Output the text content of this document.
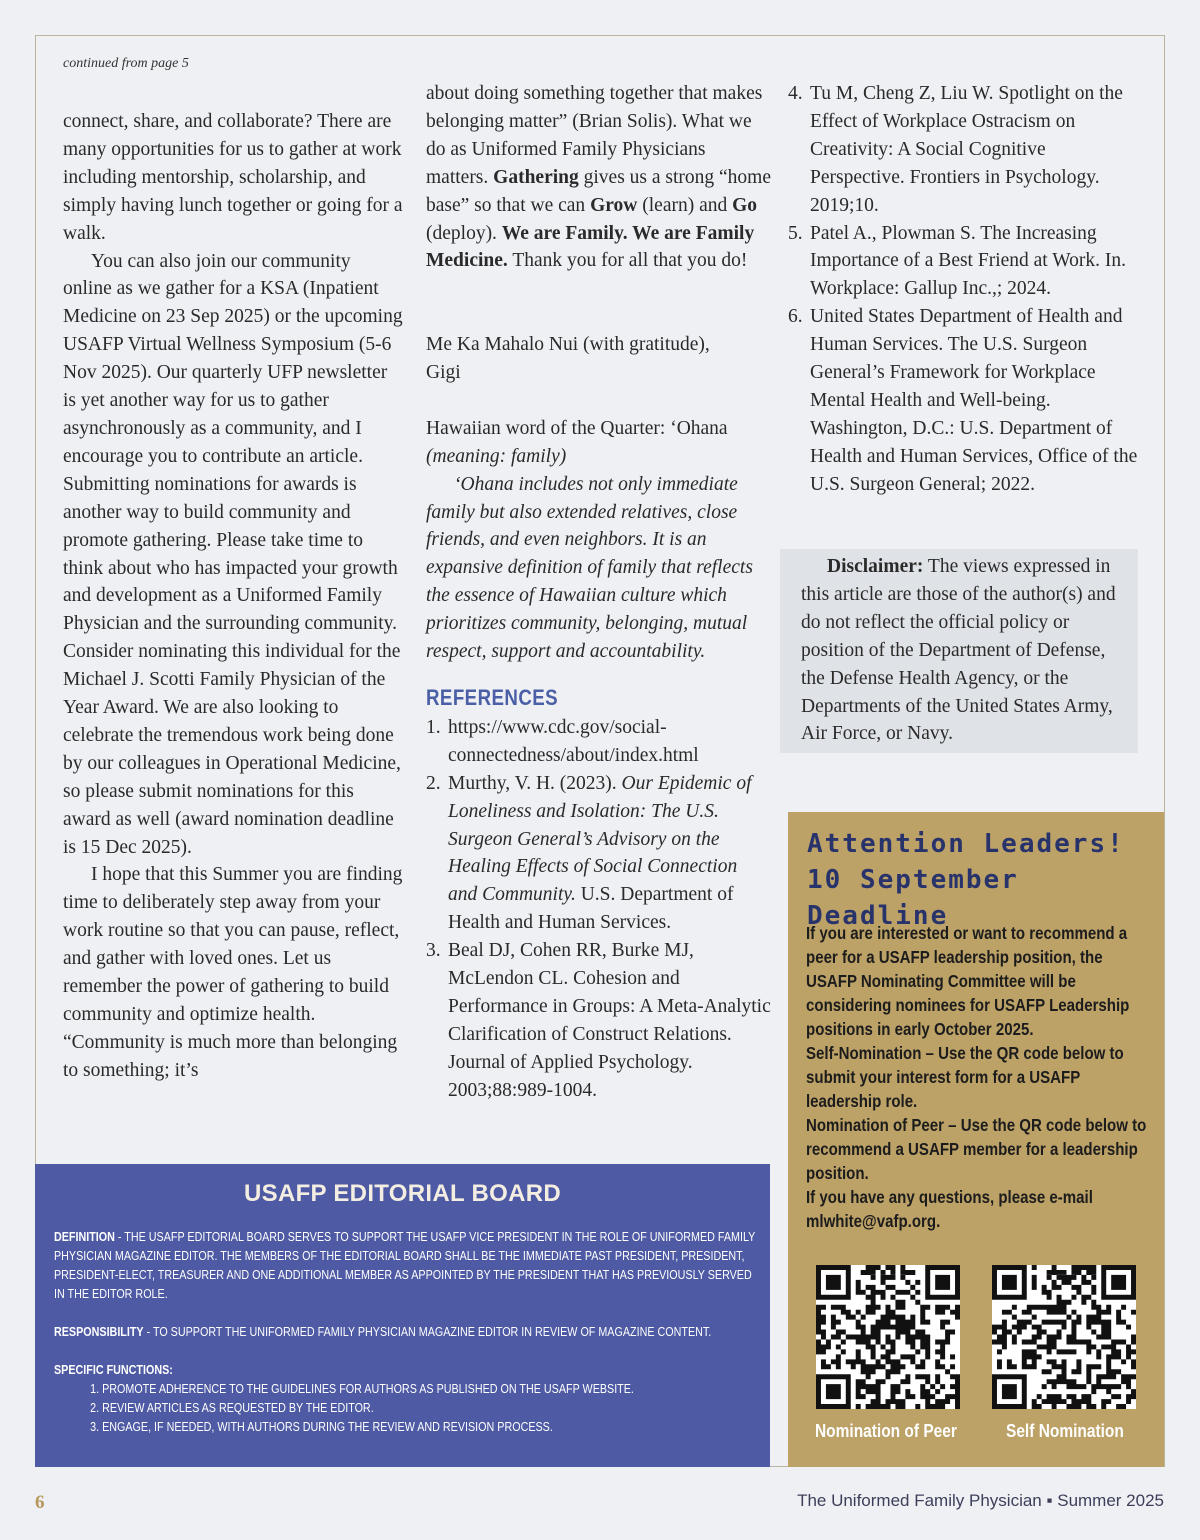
continued from page 5

connect, share, and collaborate? There are many opportunities for us to gather at work including mentorship, scholarship, and simply having lunch together or going for a walk.

You can also join our community online as we gather for a KSA (Inpatient Medicine on 23 Sep 2025) or the upcoming USAFP Virtual Wellness Symposium (5-6 Nov 2025). Our quarterly UFP newsletter is yet another way for us to gather asynchronously as a community, and I encourage you to contribute an article. Submitting nominations for awards is another way to build community and promote gathering. Please take time to think about who has impacted your growth and development as a Uniformed Family Physician and the surrounding community. Consider nominating this individual for the Michael J. Scotti Family Physician of the Year Award. We are also looking to celebrate the tremendous work being done by our colleagues in Operational Medicine, so please submit nominations for this award as well (award nomination deadline is 15 Dec 2025).

I hope that this Summer you are finding time to deliberately step away from your work routine so that you can pause, reflect, and gather with loved ones. Let us remember the power of gathering to build community and optimize health. “Community is much more than belonging to something; it’s

about doing something together that makes belonging matter” (Brian Solis). What we do as Uniformed Family Physicians matters. Gathering gives us a strong “home base” so that we can Grow (learn) and Go (deploy). We are Family. We are Family Medicine. Thank you for all that you do!

Me Ka Mahalo Nui (with gratitude),

Gigi

Hawaiian word of the Quarter: ‘Ohana

(meaning: family)

‘Ohana includes not only immediate family but also extended relatives, close friends, and even neighbors. It is an expansive definition of family that reflects the essence of Hawaiian culture which prioritizes community, belonging, mutual respect, support and accountability.

REFERENCES
1. https://www.cdc.gov/social-connectedness/about/index.html
2. Murthy, V. H. (2023). Our Epidemic of Loneliness and Isolation: The U.S. Surgeon General’s Advisory on the Healing Effects of Social Connection and Community. U.S. Department of Health and Human Services.
3. Beal DJ, Cohen RR, Burke MJ, McLendon CL. Cohesion and Performance in Groups: A Meta-Analytic Clarification of Construct Relations. Journal of Applied Psychology. 2003;88:989-1004.
4. Tu M, Cheng Z, Liu W. Spotlight on the Effect of Workplace Ostracism on Creativity: A Social Cognitive Perspective. Frontiers in Psychology. 2019;10.
5. Patel A., Plowman S. The Increasing Importance of a Best Friend at Work. In. Workplace: Gallup Inc.,; 2024.
6. United States Department of Health and Human Services. The U.S. Surgeon General’s Framework for Workplace Mental Health and Well-being. Washington, D.C.: U.S. Department of Health and Human Services, Office of the U.S. Surgeon General; 2022.

Disclaimer: The views expressed in this article are those of the author(s) and do not reflect the official policy or position of the Department of Defense, the Defense Health Agency, or the Departments of the United States Army, Air Force, or Navy.

Attention Leaders!
10 September Deadline
If you are interested or want to recommend a peer for a USAFP leadership position, the USAFP Nominating Committee will be considering nominees for USAFP Leadership positions in early October 2025.
Self-Nomination – Use the QR code below to submit your interest form for a USAFP leadership role.
Nomination of Peer – Use the QR code below to recommend a USAFP member for a leadership position.
If you have any questions, please e-mail mlwhite@vafp.org.
Nomination of Peer	Self Nomination
USAFP EDITORIAL BOARD

DEFINITION - THE USAFP EDITORIAL BOARD SERVES TO SUPPORT THE USAFP VICE PRESIDENT IN THE ROLE OF UNIFORMED FAMILY PHYSICIAN MAGAZINE EDITOR. THE MEMBERS OF THE EDITORIAL BOARD SHALL BE THE IMMEDIATE PAST PRESIDENT, PRESIDENT, PRESIDENT-ELECT, TREASURER AND ONE ADDITIONAL MEMBER AS APPOINTED BY THE PRESIDENT THAT HAS PREVIOUSLY SERVED IN THE EDITOR ROLE.

RESPONSIBILITY - TO SUPPORT THE UNIFORMED FAMILY PHYSICIAN MAGAZINE EDITOR IN REVIEW OF MAGAZINE CONTENT.

SPECIFIC FUNCTIONS:

1. PROMOTE ADHERENCE TO THE GUIDELINES FOR AUTHORS AS PUBLISHED ON THE USAFP WEBSITE.

2. REVIEW ARTICLES AS REQUESTED BY THE EDITOR.

3. ENGAGE, IF NEEDED, WITH AUTHORS DURING THE REVIEW AND REVISION PROCESS.

6	The Uniformed Family Physician ▪ Summer 2025
